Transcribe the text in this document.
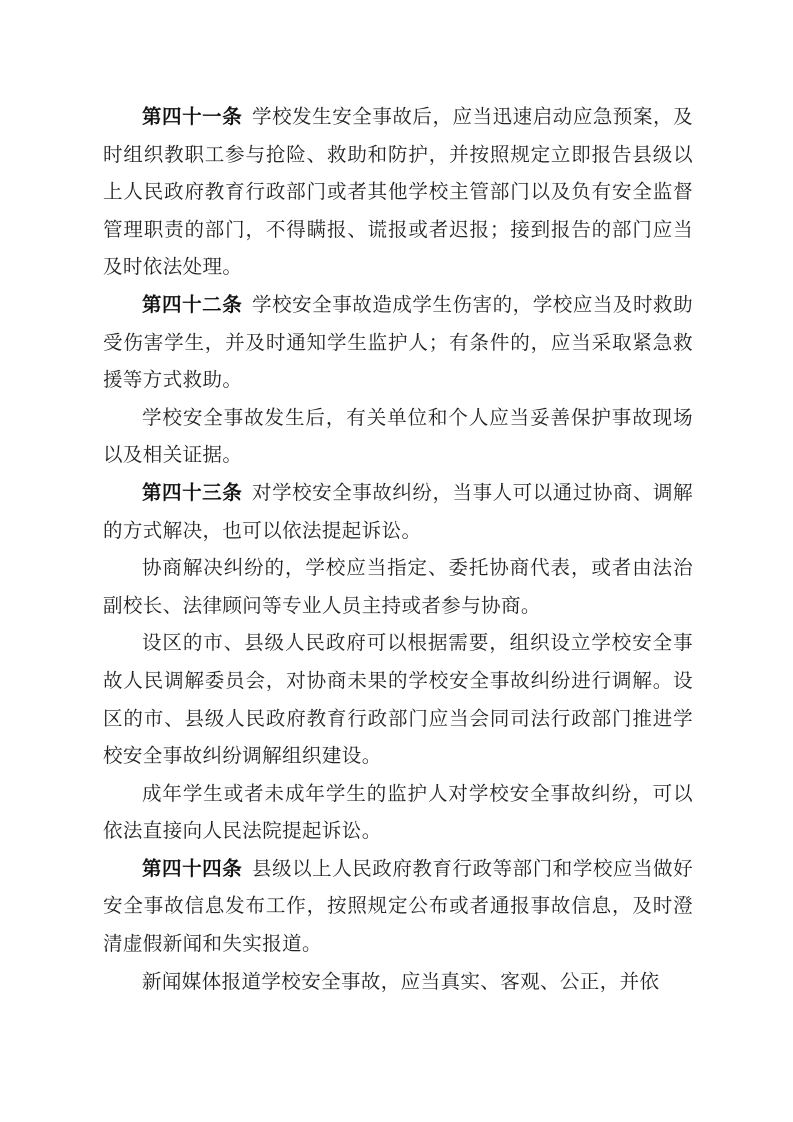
第四十一条 学校发生安全事故后，应当迅速启动应急预案，及时组织教职工参与抢险、救助和防护，并按照规定立即报告县级以上人民政府教育行政部门或者其他学校主管部门以及负有安全监督管理职责的部门，不得瞒报、谎报或者迟报；接到报告的部门应当及时依法处理。

第四十二条 学校安全事故造成学生伤害的，学校应当及时救助受伤害学生，并及时通知学生监护人；有条件的，应当采取紧急救援等方式救助。

学校安全事故发生后，有关单位和个人应当妥善保护事故现场以及相关证据。

第四十三条 对学校安全事故纠纷，当事人可以通过协商、调解的方式解决，也可以依法提起诉讼。

协商解决纠纷的，学校应当指定、委托协商代表，或者由法治副校长、法律顾问等专业人员主持或者参与协商。

设区的市、县级人民政府可以根据需要，组织设立学校安全事故人民调解委员会，对协商未果的学校安全事故纠纷进行调解。设区的市、县级人民政府教育行政部门应当会同司法行政部门推进学校安全事故纠纷调解组织建设。

成年学生或者未成年学生的监护人对学校安全事故纠纷，可以依法直接向人民法院提起诉讼。

第四十四条 县级以上人民政府教育行政等部门和学校应当做好安全事故信息发布工作，按照规定公布或者通报事故信息，及时澄清虚假新闻和失实报道。

新闻媒体报道学校安全事故，应当真实、客观、公正，并依
